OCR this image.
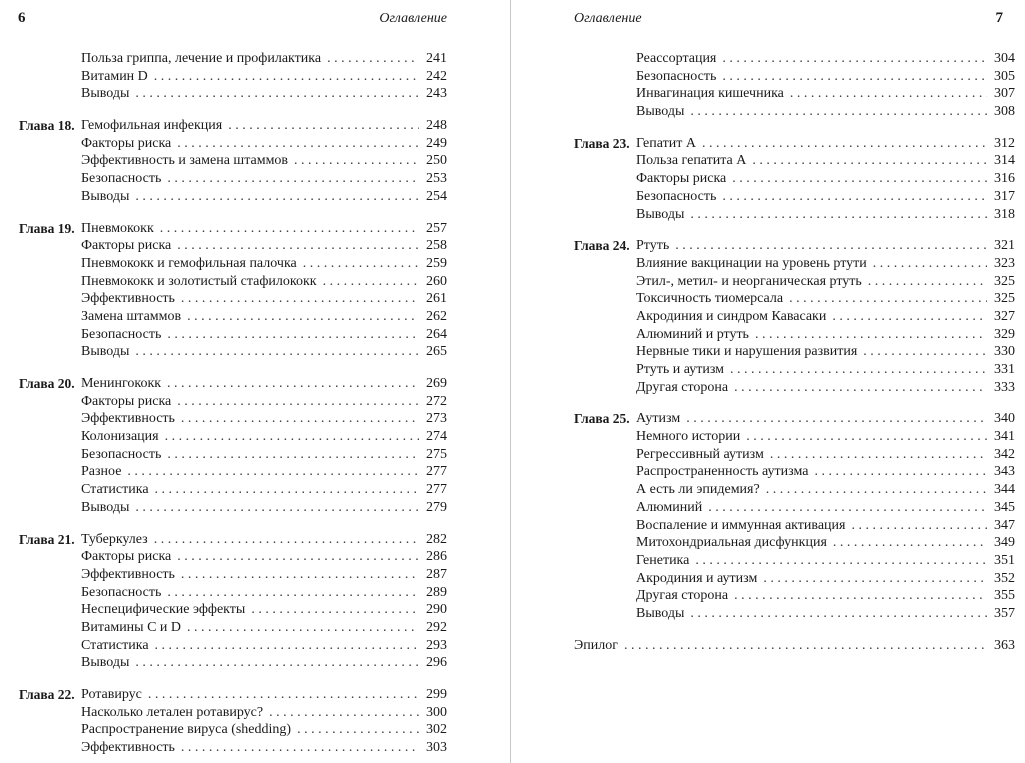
6	Оглавление
Польза гриппа, лечение и профилактика . . .	241
Витамин D . . .	242
Выводы . . .	243
Глава 18. Гемофильная инфекция . . .	248
Факторы риска . . .	249
Эффективность и замена штаммов . . .	250
Безопасность . . .	253
Выводы . . .	254
Глава 19. Пневмококк . . .	257
Факторы риска . . .	258
Пневмококк и гемофильная палочка . . .	259
Пневмококк и золотистый стафилококк . . .	260
Эффективность . . .	261
Замена штаммов . . .	262
Безопасность . . .	264
Выводы . . .	265
Глава 20. Менингококк . . .	269
Факторы риска . . .	272
Эффективность . . .	273
Колонизация . . .	274
Безопасность . . .	275
Разное . . .	277
Статистика . . .	277
Выводы . . .	279
Глава 21. Туберкулез . . .	282
Факторы риска . . .	286
Эффективность . . .	287
Безопасность . . .	289
Неспецифические эффекты . . .	290
Витамины С и D . . .	292
Статистика . . .	293
Выводы . . .	296
Глава 22. Ротавирус . . .	299
Насколько летален ротавирус? . . .	300
Распространение вируса (shedding) . . .	302
Эффективность . . .	303
Оглавление	7
Реассортация . . .	304
Безопасность . . .	305
Инвагинация кишечника . . .	307
Выводы . . .	308
Глава 23. Гепатит А . . .	312
Польза гепатита А . . .	314
Факторы риска . . .	316
Безопасность . . .	317
Выводы . . .	318
Глава 24. Ртуть . . .	321
Влияние вакцинации на уровень ртути . . .	323
Этил-, метил- и неорганическая ртуть . . .	325
Токсичность тиомерсала . . .	325
Акродиния и синдром Кавасаки . . .	327
Алюминий и ртуть . . .	329
Нервные тики и нарушения развития . . .	330
Ртуть и аутизм . . .	331
Другая сторона . . .	333
Глава 25. Аутизм . . .	340
Немного истории . . .	341
Регрессивный аутизм . . .	342
Распространенность аутизма . . .	343
А есть ли эпидемия? . . .	344
Алюминий . . .	345
Воспаление и иммунная активация . . .	347
Митохондриальная дисфункция . . .	349
Генетика . . .	351
Акродиния и аутизм . . .	352
Другая сторона . . .	355
Выводы . . .	357
Эпилог . . .	363
